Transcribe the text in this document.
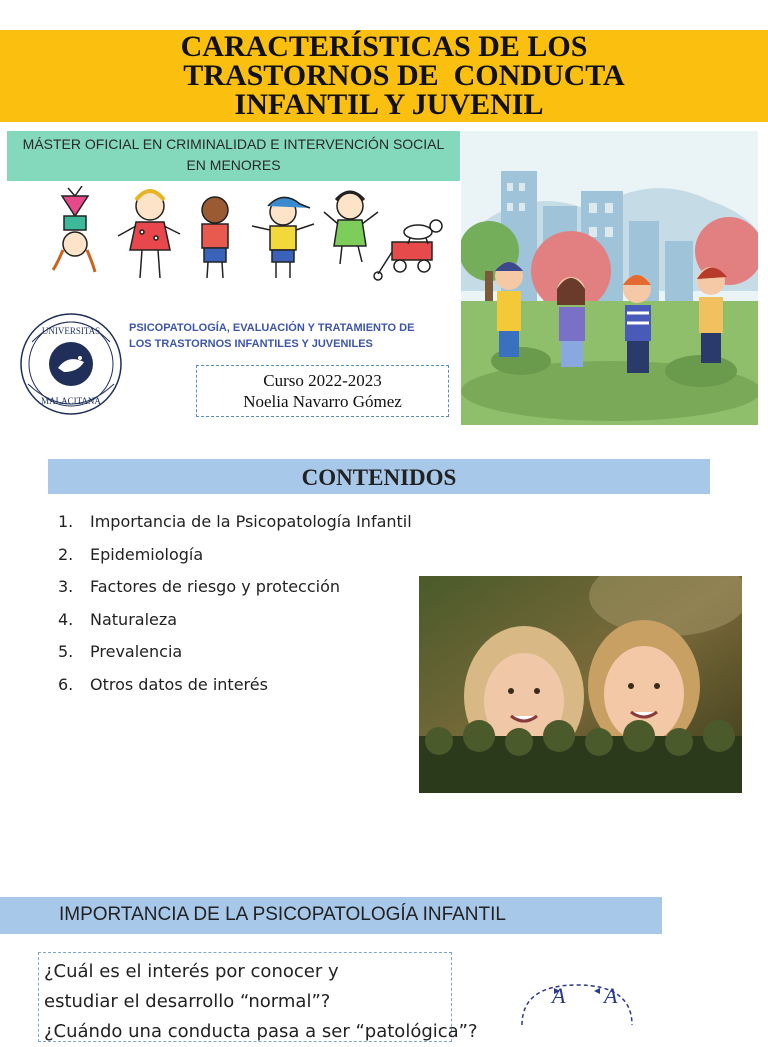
CARACTERÍSTICAS DE LOS
TRASTORNOS DE  CONDUCTA
INFANTIL Y JUVENIL
MÁSTER OFICIAL EN CRIMINALIDAD E INTERVENCIÓN SOCIAL
EN MENORES
UNIVERSITAS
MALACITANA
PSICOPATOLOGÍA, EVALUACIÓN Y TRATAMIENTO DE
LOS TRASTORNOS INFANTILES Y JUVENILES
Curso 2022-2023
Noelia Navarro Gómez
CONTENIDOS
1. Importancia de la Psicopatología Infantil
2. Epidemiología
3. Factores de riesgo y protección
4. Naturaleza
5. Prevalencia
6. Otros datos de interés
IMPORTANCIA DE LA PSICOPATOLOGÍA INFANTIL
¿Cuál es el interés por conocer y
estudiar el desarrollo “normal”?
¿Cuándo una conducta pasa a ser “patológica”?
A A
